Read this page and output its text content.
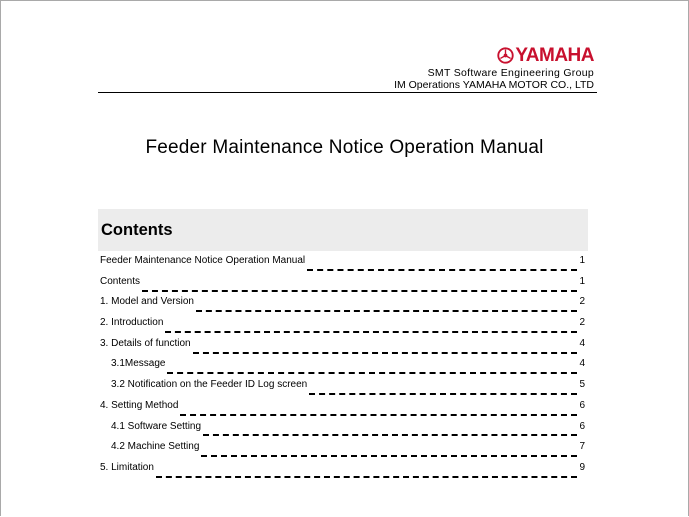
YAMAHA
SMT Software Engineering Group
IM Operations YAMAHA MOTOR CO., LTD
Feeder Maintenance Notice Operation Manual
Contents
Feeder Maintenance Notice Operation Manual	1
Contents	1
1. Model and Version	2
2. Introduction	2
3. Details of function	4
3.1Message	4
3.2 Notification on the Feeder ID Log screen	5
4. Setting Method	6
4.1 Software Setting	6
4.2 Machine Setting	7
5. Limitation	9
